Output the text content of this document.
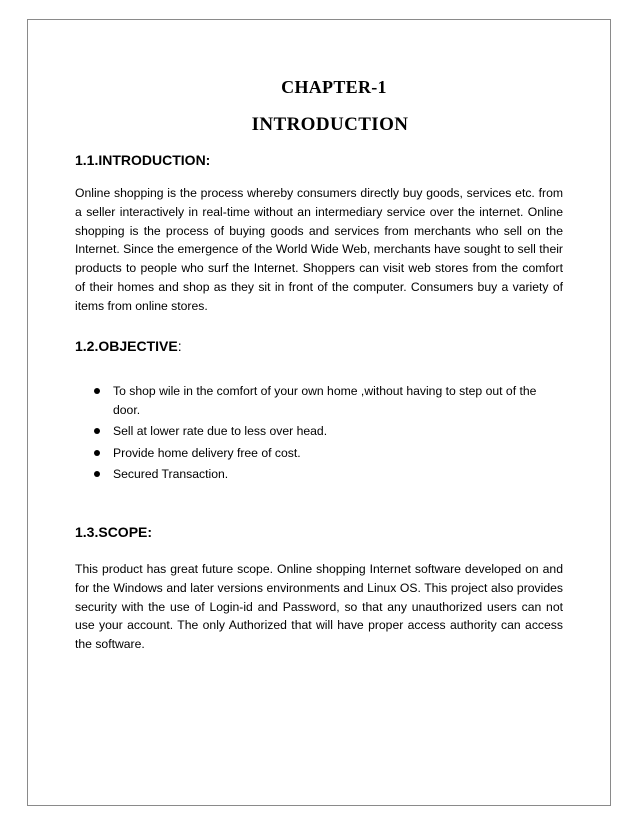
CHAPTER-1
INTRODUCTION
1.1.INTRODUCTION:

Online shopping is the process whereby consumers directly buy goods, services etc. from a seller interactively in real-time without an intermediary service over the internet. Online shopping is the process of buying goods and services from merchants who sell on the Internet. Since the emergence of the World Wide Web, merchants have sought to sell their products to people who surf the Internet. Shoppers can visit web stores from the comfort of their homes and shop as they sit in front of the computer. Consumers buy a variety of items from online stores.

1.2.OBJECTIVE:
To shop wile in the comfort of your own home ,without having to step out of the door.
Sell at lower rate due to less over head.
Provide home delivery free of cost.
Secured Transaction.
1.3.SCOPE:

This product has great future scope. Online shopping Internet software developed on and for the Windows and later versions environments and Linux OS. This project also provides security with the use of Login-id and Password, so that any unauthorized users can not use your account. The only Authorized that will have proper access authority can access the software.
